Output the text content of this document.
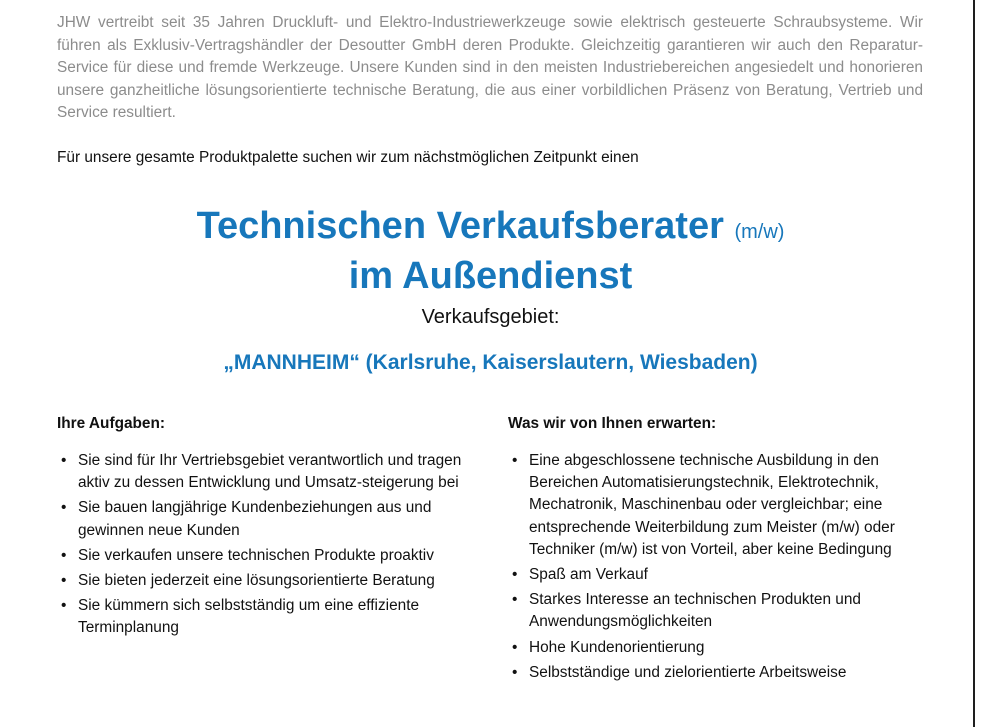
JHW vertreibt seit 35 Jahren Druckluft- und Elektro-Industriewerkzeuge sowie elektrisch gesteuerte Schraubsysteme. Wir führen als Exklusiv-Vertragshändler der Desoutter GmbH deren Produkte. Gleichzeitig garantieren wir auch den Reparatur-Service für diese und fremde Werkzeuge. Unsere Kunden sind in den meisten Industriebereichen angesiedelt und honorieren unsere ganzheitliche lösungsorientierte technische Beratung, die aus einer vorbildlichen Präsenz von Beratung, Vertrieb und Service resultiert.

Für unsere gesamte Produktpalette suchen wir zum nächstmöglichen Zeitpunkt einen

Technischen Verkaufsberater (m/w)
im Außendienst

Verkaufsgebiet:

„MANNHEIM“ (Karlsruhe, Kaiserslautern, Wiesbaden)

Ihre Aufgaben:
• Sie sind für Ihr Vertriebsgebiet verantwortlich und tragen aktiv zu dessen Entwicklung und Umsatz-steigerung bei
• Sie bauen langjährige Kundenbeziehungen aus und gewinnen neue Kunden
• Sie verkaufen unsere technischen Produkte proaktiv
• Sie bieten jederzeit eine lösungsorientierte Beratung
• Sie kümmern sich selbstständig um eine effiziente Terminplanung
Was wir von Ihnen erwarten:
• Eine abgeschlossene technische Ausbildung in den Bereichen Automatisierungstechnik, Elektrotechnik, Mechatronik, Maschinenbau oder vergleichbar; eine entsprechende Weiterbildung zum Meister (m/w) oder Techniker (m/w) ist von Vorteil, aber keine Bedingung
• Spaß am Verkauf
• Starkes Interesse an technischen Produkten und Anwendungsmöglichkeiten
• Hohe Kundenorientierung
• Selbstständige und zielorientierte Arbeitsweise
